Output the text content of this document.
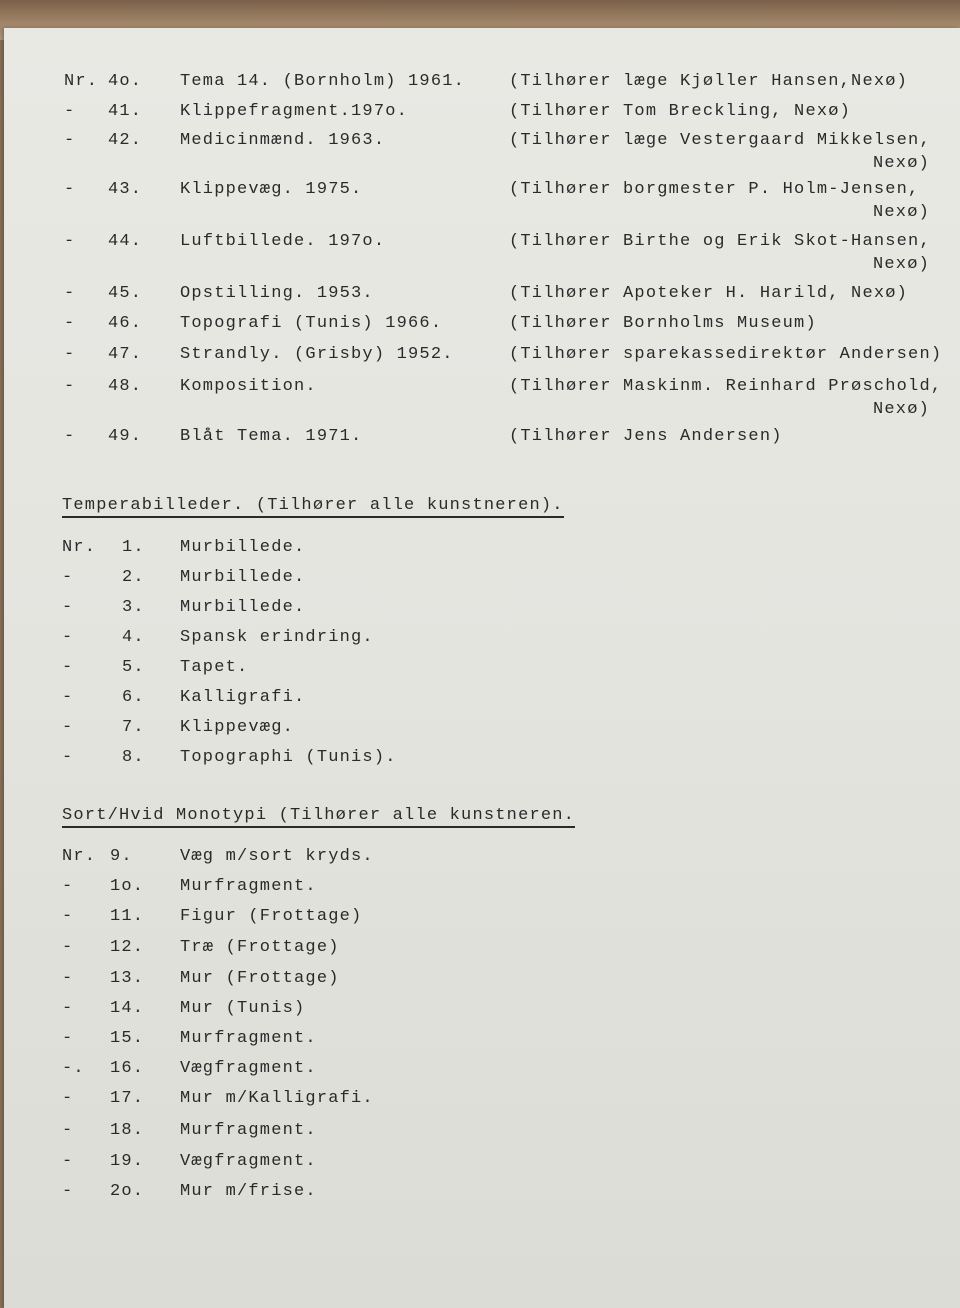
Nr. 4o. Tema 14. (Bornholm) 1961.	(Tilhører læge Kjøller Hansen,Nexø)
-	41. Klippefragment.197o.	(Tilhører Tom Breckling, Nexø)
-	42. Medicinmænd. 1963.	(Tilhører læge Vestergaard Mikkelsen,
Nexø)
-	43. Klippevæg. 1975.	(Tilhører borgmester P. Holm-Jensen,
Nexø)
-	44. Luftbillede. 197o.	(Tilhører Birthe og Erik Skot-Hansen,
Nexø)
-	45. Opstilling. 1953.	(Tilhører Apoteker H. Harild, Nexø)
-	46. Topografi (Tunis) 1966.	(Tilhører Bornholms Museum)
-	47. Strandly. (Grisby) 1952.	(Tilhører sparekassedirektør Andersen)
-	48. Komposition.	(Tilhører Maskinm. Reinhard Prøschold,
Nexø)
-	49. Blåt Tema. 1971.	(Tilhører Jens Andersen)
Temperabilleder. (Tilhører alle kunstneren).
Nr.	1. Murbillede.
-	2. Murbillede.
-	3. Murbillede.
-	4. Spansk erindring.
-	5. Tapet.
-	6. Kalligrafi.
-	7. Klippevæg.
-	8. Topographi (Tunis).
Sort/Hvid Monotypi (Tilhører alle kunstneren.
Nr. 9.	Væg m/sort kryds.
-	1o. Murfragment.
-	11. Figur (Frottage)
-	12. Træ (Frottage)
-	13. Mur (Frottage)
-	14. Mur (Tunis)
-	15. Murfragment.
-.	16. Vægfragment.
-	17. Mur m/Kalligrafi.
-	18. Murfragment.
-	19. Vægfragment.
-	2o. Mur m/frise.
